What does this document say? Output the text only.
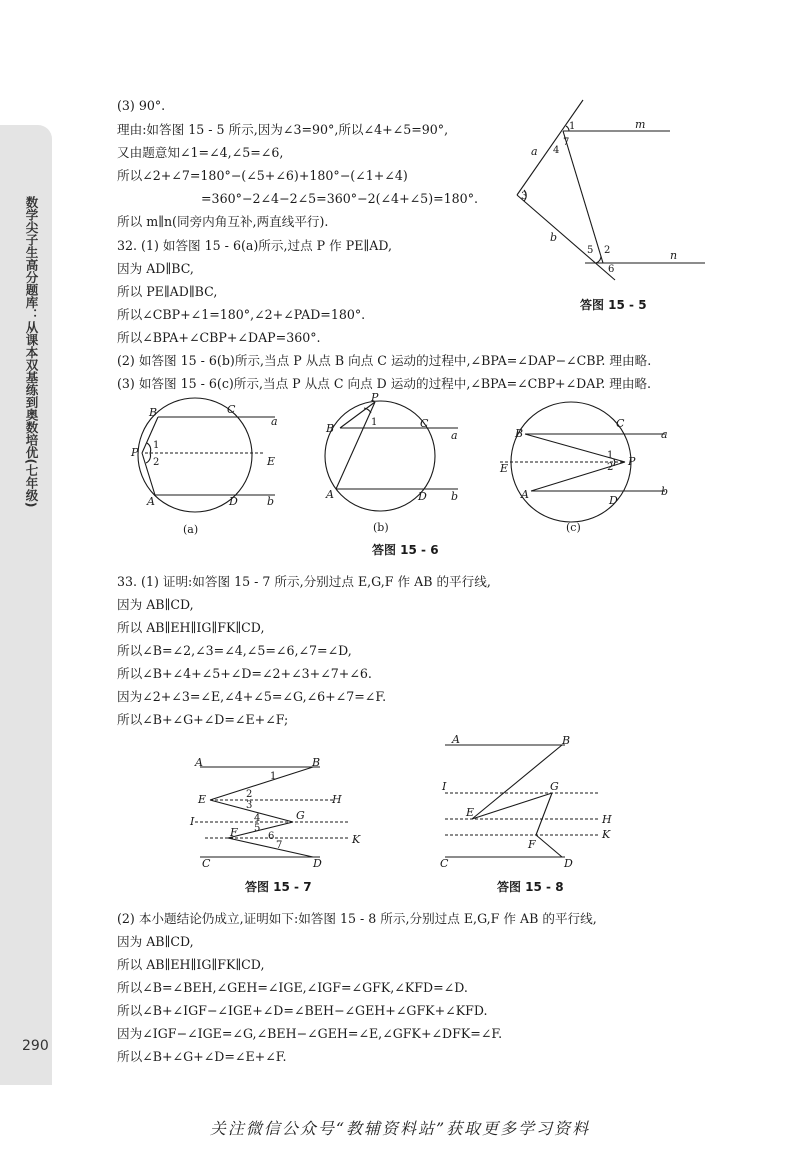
数学尖子生高分题库：从课本双基练到奥数培优(七年级)
290
(3) 90°.
理由:如答图 15 - 5 所示,因为∠3=90°,所以∠4+∠5=90°,
又由题意知∠1=∠4,∠5=∠6,
所以∠2+∠7=180°−(∠5+∠6)+180°−(∠1+∠4)
=360°−2∠4−2∠5=360°−2(∠4+∠5)=180°.
所以 m∥n(同旁内角互补,两直线平行).
32. (1) 如答图 15 - 6(a)所示,过点 P 作 PE∥AD,
因为 AD∥BC,
所以 PE∥AD∥BC,
所以∠CBP+∠1=180°,∠2+∠PAD=180°.
所以∠BPA+∠CBP+∠DAP=360°.
(2) 如答图 15 - 6(b)所示,当点 P 从点 B 向点 C 运动的过程中,∠BPA=∠DAP−∠CBP. 理由略.
(3) 如答图 15 - 6(c)所示,当点 P 从点 C 向点 D 运动的过程中,∠BPA=∠CBP+∠DAP. 理由略.
1	m
a 4
7
3
b
5 2	n
6
答图 15 - 5
B	C
a
P
1
2	E
A	D	b
(a)
P
B	1	C
a
A	D b
(b)
B
C
a
E
1
2 P
A	D
b
(c)
答图 15 - 6
33. (1) 证明:如答图 15 - 7 所示,分别过点 E,G,F 作 AB 的平行线,
因为 AB∥CD,
所以 AB∥EH∥IG∥FK∥CD,
所以∠B=∠2,∠3=∠4,∠5=∠6,∠7=∠D,
所以∠B+∠4+∠5+∠D=∠2+∠3+∠7+∠6.
因为∠2+∠3=∠E,∠4+∠5=∠G,∠6+∠7=∠F.
所以∠B+∠G+∠D=∠E+∠F;
A
1
B
E	2
3	H
I	4
5
G
F	6
7	K
C	D
答图 15 - 7
A	B
I	G
E
H
F
K
C	D
答图 15 - 8
(2) 本小题结论仍成立,证明如下:如答图 15 - 8 所示,分别过点 E,G,F 作 AB 的平行线,
因为 AB∥CD,
所以 AB∥EH∥IG∥FK∥CD,
所以∠B=∠BEH,∠GEH=∠IGE,∠IGF=∠GFK,∠KFD=∠D.
所以∠B+∠IGF−∠IGE+∠D=∠BEH−∠GEH+∠GFK+∠KFD.
因为∠IGF−∠IGE=∠G,∠BEH−∠GEH=∠E,∠GFK+∠DFK=∠F.
所以∠B+∠G+∠D=∠E+∠F.
关注微信公众号“教辅资料站”获取更多学习资料
